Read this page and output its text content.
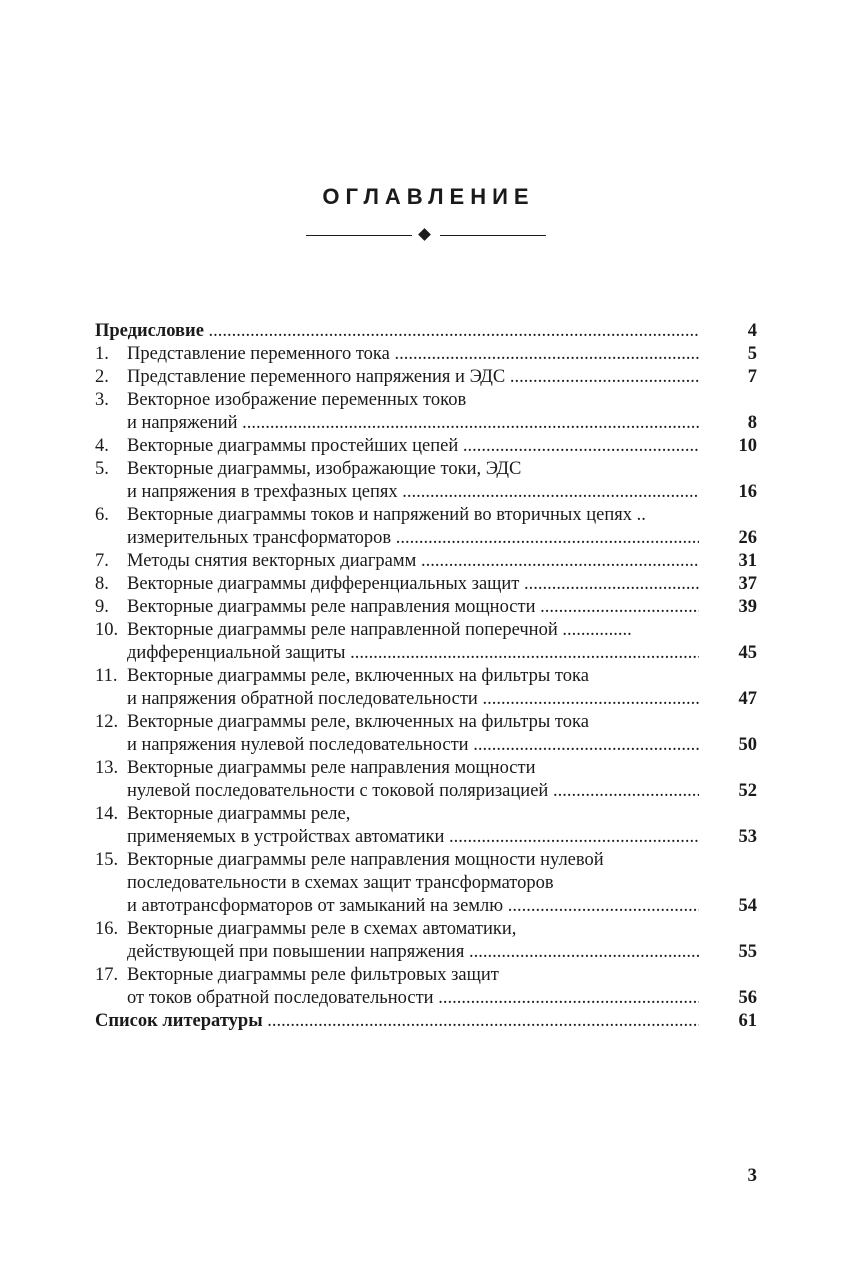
ОГЛАВЛЕНИЕ
Предисловие .....	4
1. Представление переменного тока .....	5
2. Представление переменного напряжения и ЭДС .....	7
3. Векторное изображение переменных токов
и напряжений .....	8
4. Векторные диаграммы простейших цепей .....	10
5. Векторные диаграммы, изображающие токи, ЭДС
и напряжения в трехфазных цепях .....	16
6. Векторные диаграммы токов и напряжений во вторичных цепях ..
измерительных трансформаторов .....	26
7. Методы снятия векторных диаграмм .....	31
8. Векторные диаграммы дифференциальных защит .....	37
9. Векторные диаграммы реле направления мощности .....	39
10. Векторные диаграммы реле направленной поперечной ...............
дифференциальной защиты .....	45
11. Векторные диаграммы реле, включенных на фильтры тока
и напряжения обратной последовательности .....	47
12. Векторные диаграммы реле, включенных на фильтры тока
и напряжения нулевой последовательности .....	50
13. Векторные диаграммы реле направления мощности
нулевой последовательности с токовой поляризацией .....	52
14. Векторные диаграммы реле,
применяемых в устройствах автоматики .....	53
15. Векторные диаграммы реле направления мощности нулевой
последовательности в схемах защит трансформаторов
и автотрансформаторов от замыканий на землю .....	54
16. Векторные диаграммы реле в схемах автоматики,
действующей при повышении напряжения .....	55
17. Векторные диаграммы реле фильтровых защит
от токов обратной последовательности .....	56
Список литературы .....	61
3
